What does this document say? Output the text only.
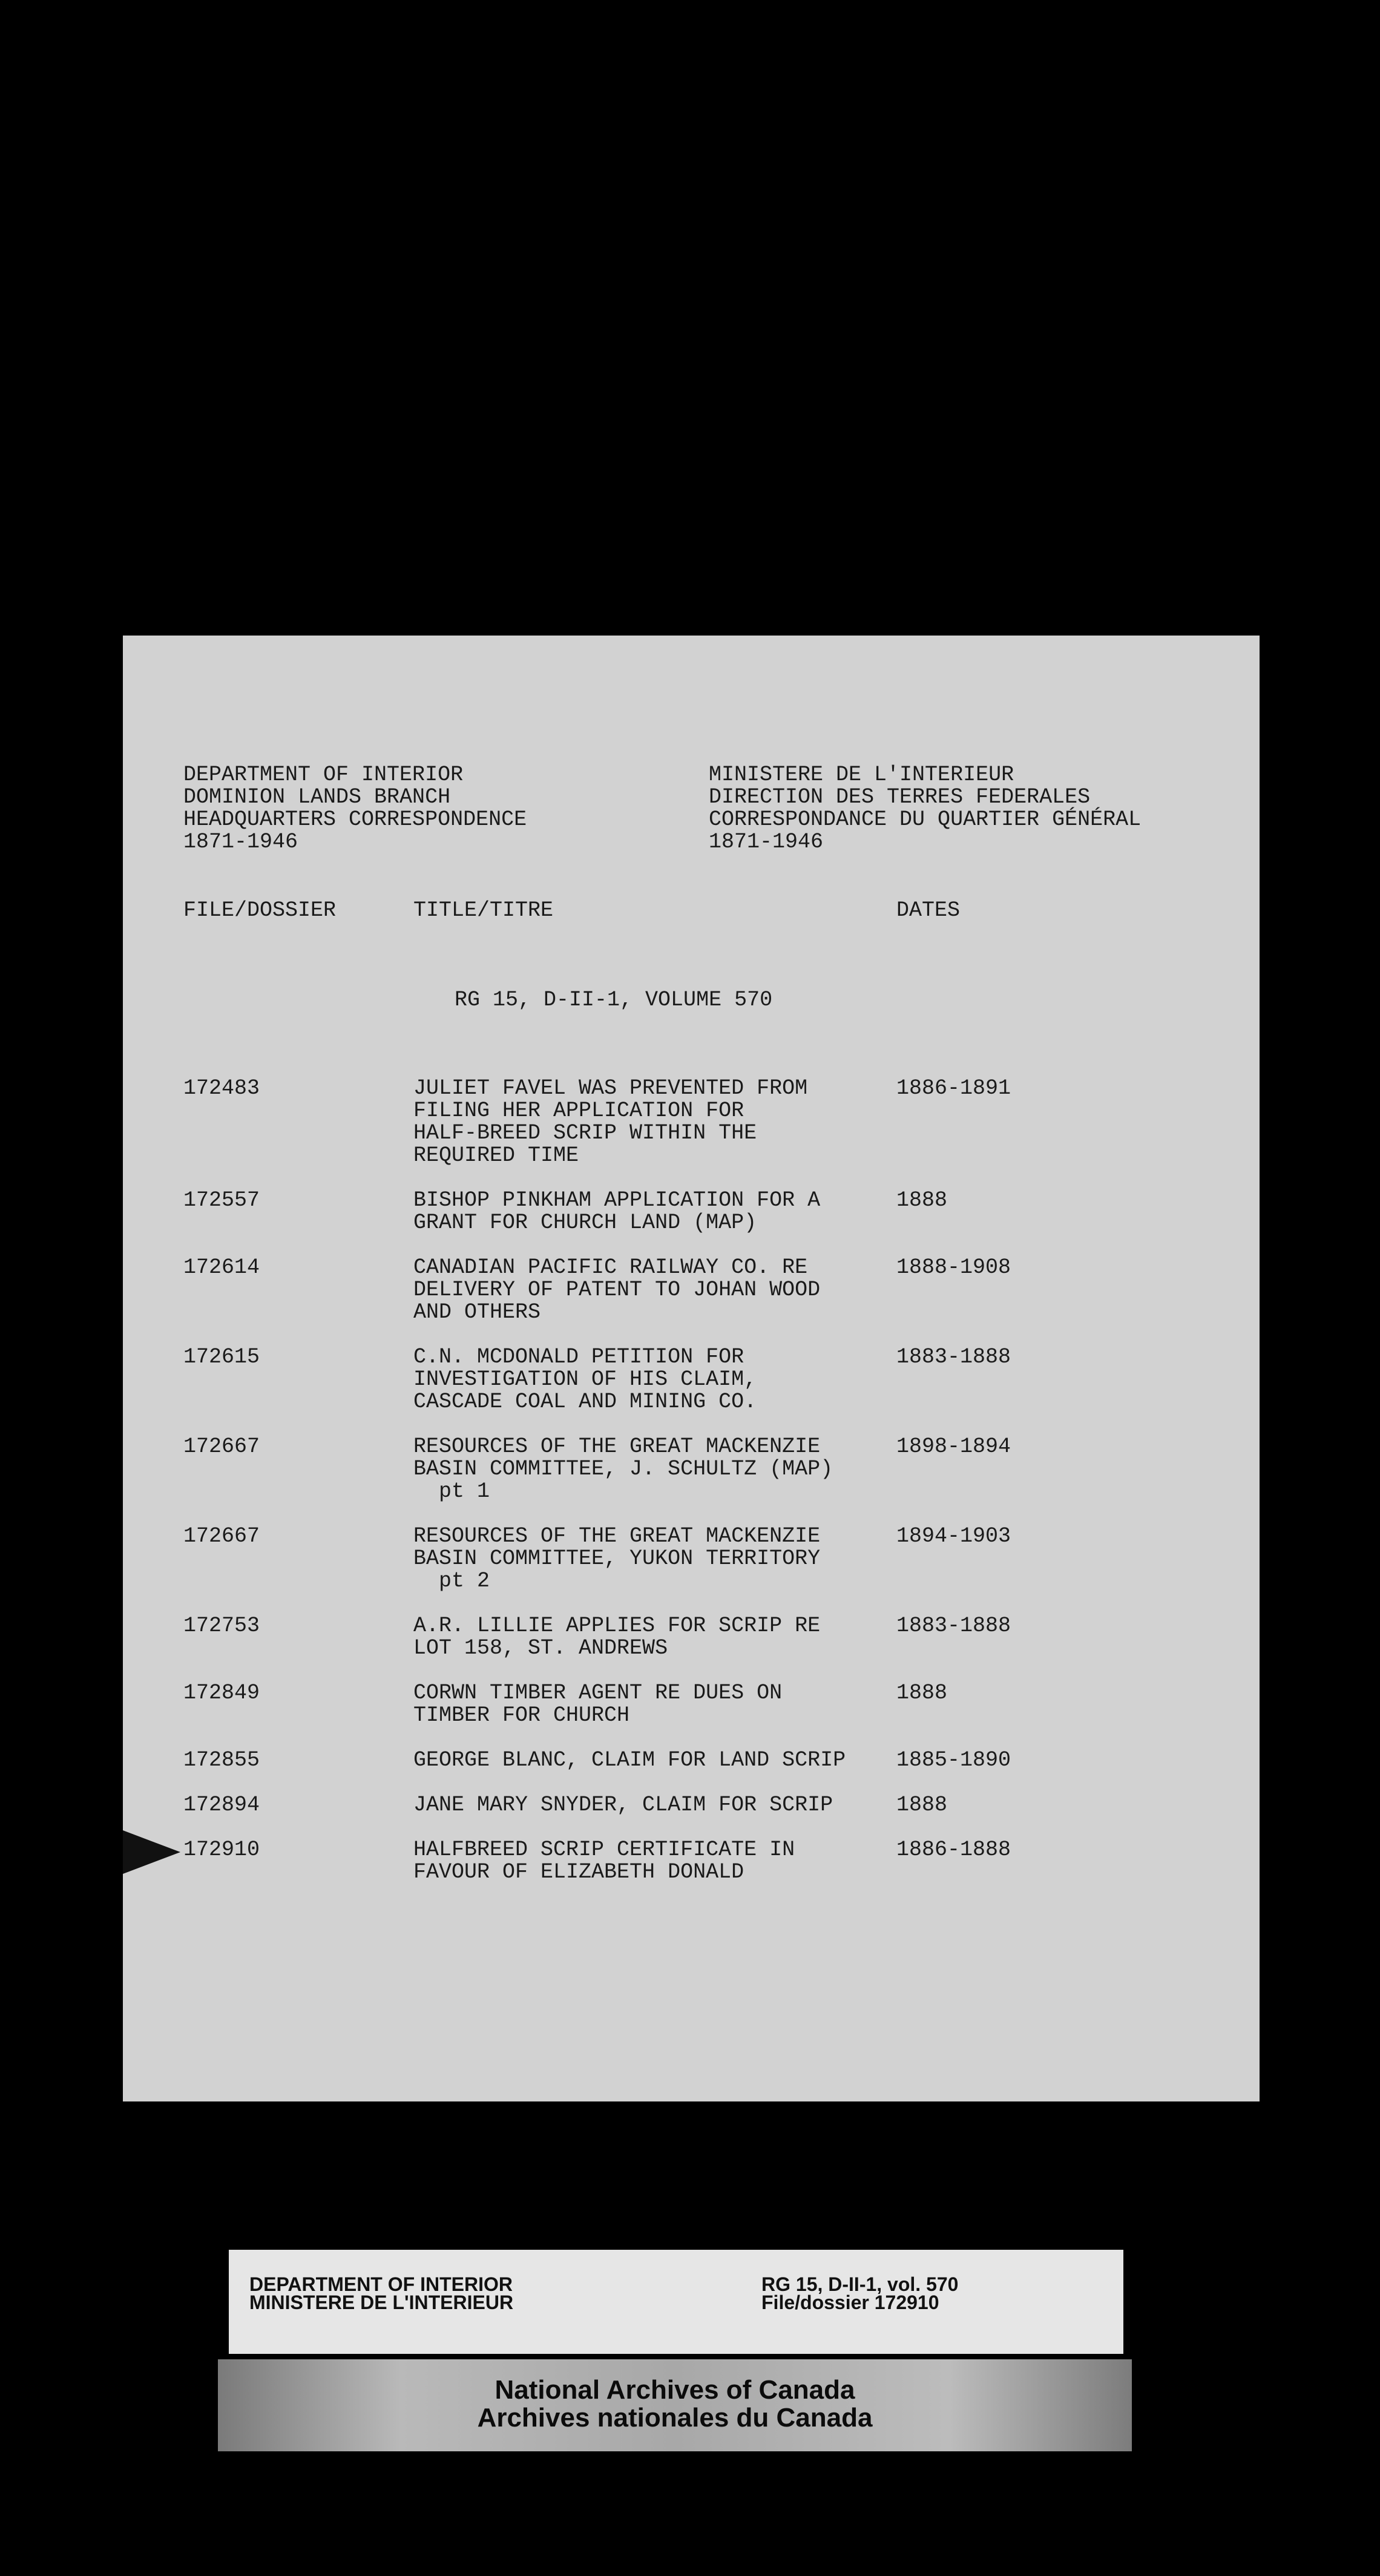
DEPARTMENT OF INTERIOR
DOMINION LANDS BRANCH
HEADQUARTERS CORRESPONDENCE
1871-1946
MINISTERE DE L'INTERIEUR
DIRECTION DES TERRES FEDERALES
CORRESPONDANCE DU QUARTIER GÉNÉRAL
1871-1946
FILE/DOSSIER	TITLE/TITRE	DATES
RG 15, D-II-1, VOLUME 570
172483	JULIET FAVEL WAS PREVENTED FROM
FILING HER APPLICATION FOR
HALF-BREED SCRIP WITHIN THE
REQUIRED TIME
1886-1891
172557	BISHOP PINKHAM APPLICATION FOR A
GRANT FOR CHURCH LAND (MAP)
1888
172614	CANADIAN PACIFIC RAILWAY CO. RE
DELIVERY OF PATENT TO JOHAN WOOD
AND OTHERS
1888-1908
172615	C.N. MCDONALD PETITION FOR
INVESTIGATION OF HIS CLAIM,
CASCADE COAL AND MINING CO.
1883-1888
172667	RESOURCES OF THE GREAT MACKENZIE
BASIN COMMITTEE, J. SCHULTZ (MAP)
pt 1
1898-1894
172667	RESOURCES OF THE GREAT MACKENZIE
BASIN COMMITTEE, YUKON TERRITORY
pt 2
1894-1903
172753	A.R. LILLIE APPLIES FOR SCRIP RE
LOT 158, ST. ANDREWS
1883-1888
172849	CORWN TIMBER AGENT RE DUES ON
TIMBER FOR CHURCH
1888
172855	GEORGE BLANC, CLAIM FOR LAND SCRIP	1885-1890
172894	JANE MARY SNYDER, CLAIM FOR SCRIP	1888
172910	HALFBREED SCRIP CERTIFICATE IN
FAVOUR OF ELIZABETH DONALD
1886-1888
DEPARTMENT OF INTERIOR
MINISTERE DE L'INTERIEUR
RG 15, D-II-1, vol. 570
File/dossier 172910
National Archives of Canada
Archives nationales du Canada
